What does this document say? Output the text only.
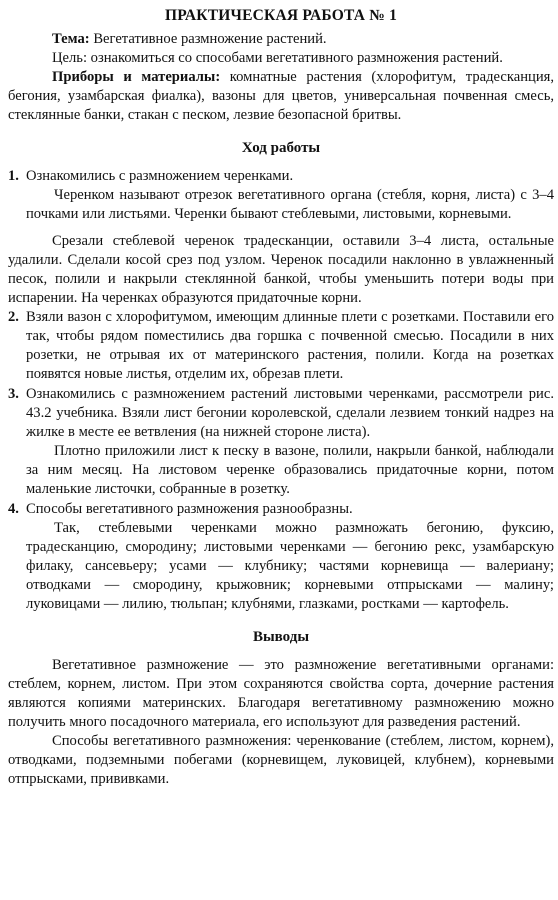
ПРАКТИЧЕСКАЯ РАБОТА № 1

Тема: Вегетативное размножение растений.

Цель: ознакомиться со способами вегетативного размножения растений.

Приборы и материалы: комнатные растения (хлорофитум, традесканция, бегония, узамбарская фиалка), вазоны для цветов, универсальная почвенная смесь, стеклянные банки, стакан с песком, лезвие безопасной бритвы.

Ход работы
1. Ознакомились с размножением черенками.

Черенком называют отрезок вегетативного органа (стебля, корня, листа) с 3–4 почками или листьями. Черенки бывают стеблевыми, листовыми, корневыми.

Срезали стеблевой черенок традесканции, оставили 3–4 листа, остальные удалили. Сделали косой срез под узлом. Черенок посадили наклонно в увлажненный песок, полили и накрыли стеклянной банкой, чтобы уменьшить потери воды при испарении. На черенках образуются придаточные корни.

2. Взяли вазон с хлорофитумом, имеющим длинные плети с розетками. Поставили его так, чтобы рядом поместились два горшка с почвенной смесью. Посадили в них розетки, не отрывая их от материнского растения, полили. Когда на розетках появятся новые листья, отделим их, обрезав плети.

3. Ознакомились с размножением растений листовыми черенками, рассмотрели рис. 43.2 учебника. Взяли лист бегонии королевской, сделали лезвием тонкий надрез на жилке в месте ее ветвления (на нижней стороне листа).

Плотно приложили лист к песку в вазоне, полили, накрыли банкой, наблюдали за ним месяц. На листовом черенке образовались придаточные корни, потом маленькие листочки, собранные в розетку.

4. Способы вегетативного размножения разнообразны.

Так, стеблевыми черенками можно размножать бегонию, фуксию, традесканцию, смородину; листовыми черенками — бегонию рекс, узамбарскую филаку, сансевьеру; усами — клубнику; частями корневища — валериану; отводками — смородину, крыжовник; корневыми отпрысками — малину; луковицами — лилию, тюльпан; клубнями, глазками, ростками — картофель.

Выводы

Вегетативное размножение — это размножение вегетативными органами: стеблем, корнем, листом. При этом сохраняются свойства сорта, дочерние растения являются копиями материнских. Благодаря вегетативному размножению можно получить много посадочного материала, его используют для разведения растений.

Способы вегетативного размножения: черенкование (стеблем, листом, корнем), отводками, подземными побегами (корневищем, луковицей, клубнем), корневыми отпрысками, прививками.
